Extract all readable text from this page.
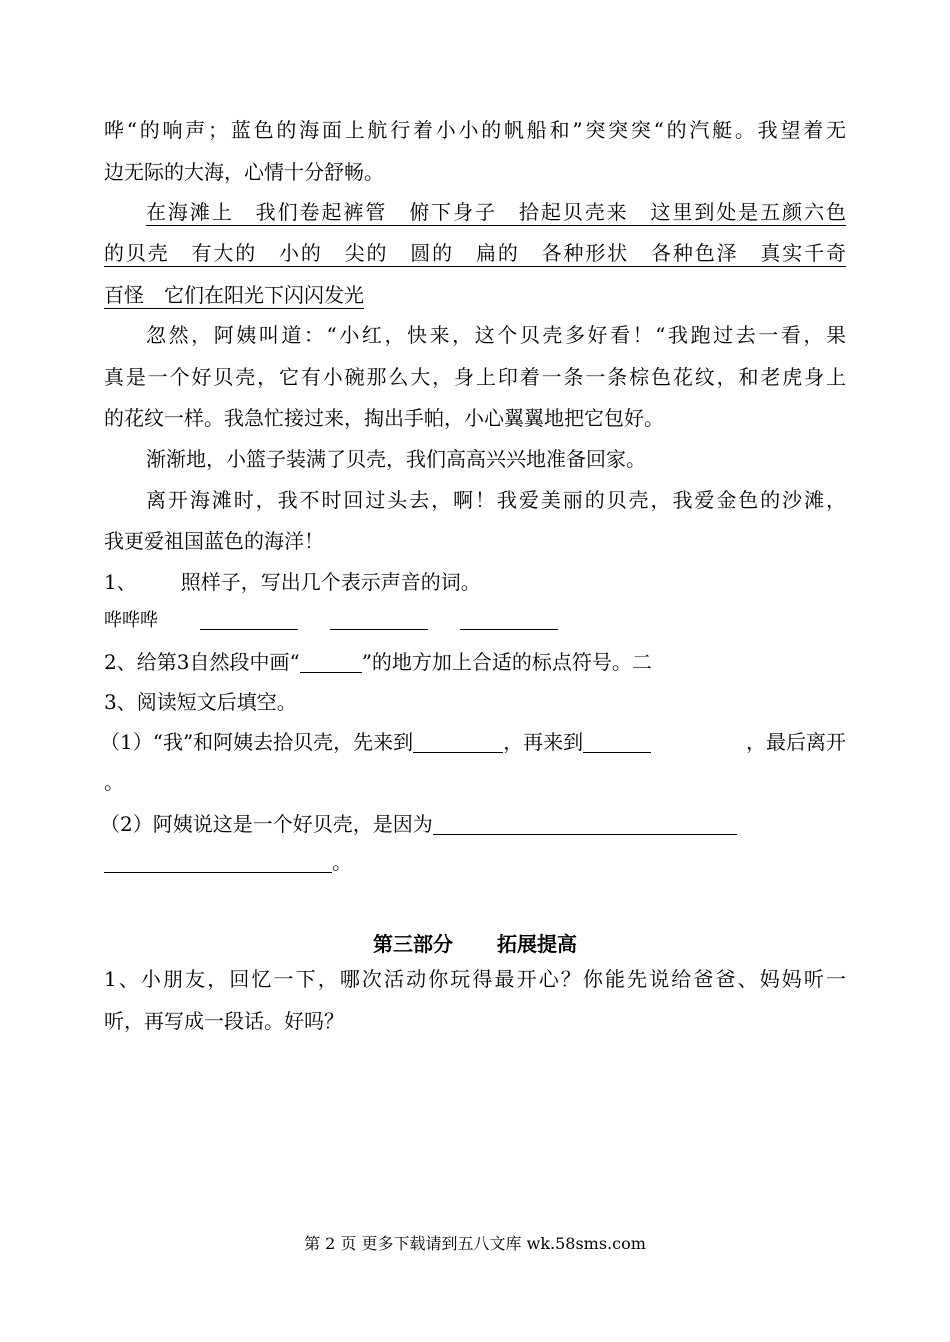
哗“的响声；蓝色的海面上航行着小小的帆船和”突突突“的汽艇。我望着无
边无际的大海，心情十分舒畅。
在海滩上　我们卷起裤管　俯下身子　拾起贝壳来　这里到处是五颜六色
的贝壳　有大的　小的　尖的　圆的　扁的　各种形状　各种色泽　真实千奇
百怪　它们在阳光下闪闪发光
忽然，阿姨叫道：“小红，快来，这个贝壳多好看！“我跑过去一看，果
真是一个好贝壳，它有小碗那么大，身上印着一条一条棕色花纹，和老虎身上
的花纹一样。我急忙接过来，掏出手帕，小心翼翼地把它包好。
渐渐地，小篮子装满了贝壳，我们高高兴兴地准备回家。
离开海滩时，我不时回过头去，啊！我爱美丽的贝壳，我爱金色的沙滩，
我更爱祖国蓝色的海洋！
1、 照样子，写出几个表示声音的词。
哗哗哗
2、给第3自然段中画“	”的地方加上合适的标点符号。二
3、阅读短文后填空。
（1）“我”和阿姨去拾贝壳，先来到	，再来到	，最后离开
。
（2）阿姨说这是一个好贝壳，是因为
。
第三部分 拓展提高
1、小朋友，回忆一下，哪次活动你玩得最开心？你能先说给爸爸、妈妈听一
听，再写成一段话。好吗？
第 2 页 更多下载请到五八文库 wk.58sms.com
